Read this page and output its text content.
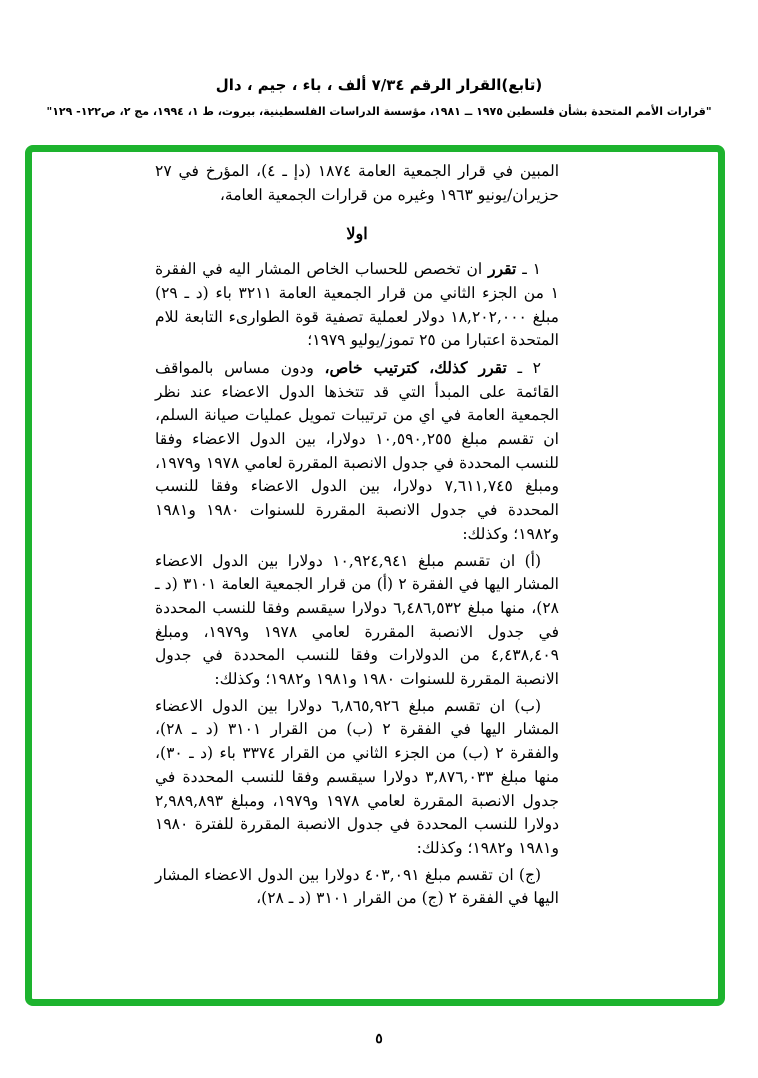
(تابع)القرار الرقم ٧/٣٤ ألف ، باء ، جيم ، دال
"قرارات الأمم المتحدة بشأن فلسطين ١٩٧٥ ــ ١٩٨١، مؤسسة الدراسات الفلسطينية، بيروت، ط ١، ١٩٩٤، مج ٢، ص١٢٢- ١٢٩"

المبين في قرار الجمعية العامة ١٨٧٤ (دإ ـ ٤)، المؤرخ في ٢٧ حزيران/يونيو ١٩٦٣ وغيره من قرارات الجمعية العامة،

اولا

١ ـ تقرر ان تخصص للحساب الخاص المشار اليه في الفقرة ١ من الجزء الثاني من قرار الجمعية العامة ٣٢١١ باء (د ـ ٢٩) مبلغ ١٨,٢٠٢,٠٠٠ دولار لعملية تصفية قوة الطوارىء التابعة للام المتحدة اعتبارا من ٢٥ تموز/يوليو ١٩٧٩؛

٢ ـ تقرر كذلك، كترتيب خاص، ودون مساس بالمواقف القائمة على المبدأ التي قد تتخذها الدول الاعضاء عند نظر الجمعية العامة في اي من ترتيبات تمويل عمليات صيانة السلم، ان تقسم مبلغ ١٠,٥٩٠,٢٥٥ دولارا، بين الدول الاعضاء وفقا للنسب المحددة في جدول الانصبة المقررة لعامي ١٩٧٨ و١٩٧٩، ومبلغ ٧,٦١١,٧٤٥ دولارا، بين الدول الاعضاء وفقا للنسب المحددة في جدول الانصبة المقررة للسنوات ١٩٨٠ و١٩٨١ و١٩٨٢؛ وكذلك:

(أ) ان تقسم مبلغ ١٠,٩٢٤,٩٤١ دولارا بين الدول الاعضاء المشار اليها في الفقرة ٢ (أ) من قرار الجمعية العامة ٣١٠١ (د ـ ٢٨)، منها مبلغ ٦,٤٨٦,٥٣٢ دولارا سيقسم وفقا للنسب المحددة في جدول الانصبة المقررة لعامي ١٩٧٨ و١٩٧٩، ومبلغ ٤,٤٣٨,٤٠٩ من الدولارات وفقا للنسب المحددة في جدول الانصبة المقررة للسنوات ١٩٨٠ و١٩٨١ و١٩٨٢؛ وكذلك:

(ب) ان تقسم مبلغ ٦,٨٦٥,٩٢٦ دولارا بين الدول الاعضاء المشار اليها في الفقرة ٢ (ب) من القرار ٣١٠١ (د ـ ٢٨)، والفقرة ٢ (ب) من الجزء الثاني من القرار ٣٣٧٤ باء (د ـ ٣٠)، منها مبلغ ٣,٨٧٦,٠٣٣ دولارا سيقسم وفقا للنسب المحددة في جدول الانصبة المقررة لعامي ١٩٧٨ و١٩٧٩، ومبلغ ٢,٩٨٩,٨٩٣ دولارا للنسب المحددة في جدول الانصبة المقررة للفترة ١٩٨٠ و١٩٨١ و١٩٨٢؛ وكذلك:

(ج) ان تقسم مبلغ ٤٠٣,٠٩١ دولارا بين الدول الاعضاء المشار اليها في الفقرة ٢ (ج) من القرار ٣١٠١ (د ـ ٢٨)،

٥
